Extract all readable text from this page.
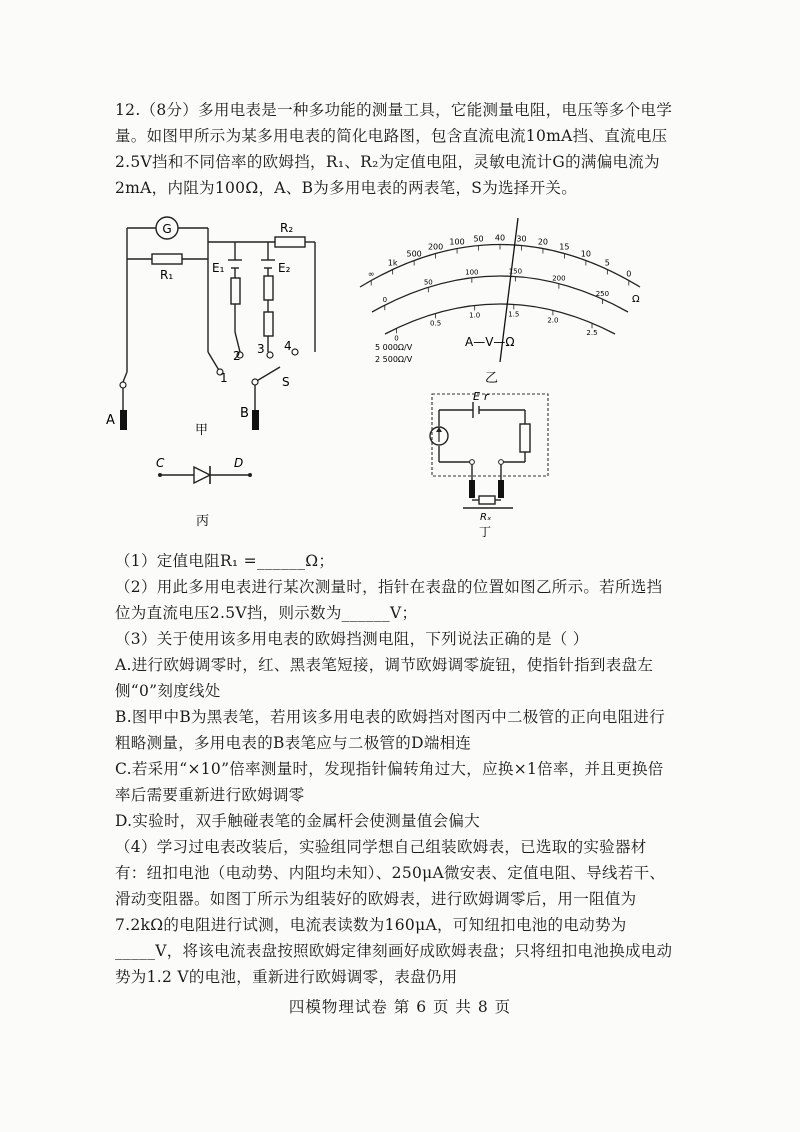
12.（8分）多用电表是一种多功能的测量工具，它能测量电阻，电压等多个电学量。如图甲所示为某多用电表的简化电路图，包含直流电流10mA挡、直流电压2.5V挡和不同倍率的欧姆挡，R₁、R₂为定值电阻，灵敏电流计G的满偏电流为2mA，内阻为100Ω，A、B为多用电表的两表笔，S为选择开关。

G
R₁
R₂
E₁	E₂
1
2 3 4
S
A	B
甲
C	D
丙
5 000Ω/V
2 500Ω/V
A—V—Ω
Ω
乙
∞
1k
500
200
100 50 40 30 20
15
10
5
0
0
50
100	150
200
250
0
0.5
1.0	1.5
2.0
2.5
E r
Rₓ
丁
（1）定值电阻R₁ =______Ω；

（2）用此多用电表进行某次测量时，指针在表盘的位置如图乙所示。若所选挡位为直流电压2.5V挡，则示数为______V；

（3）关于使用该多用电表的欧姆挡测电阻，下列说法正确的是（ ）

A.进行欧姆调零时，红、黑表笔短接，调节欧姆调零旋钮，使指针指到表盘左侧“0”刻度线处

B.图甲中B为黑表笔，若用该多用电表的欧姆挡对图丙中二极管的正向电阻进行粗略测量，多用电表的B表笔应与二极管的D端相连

C.若采用“×10”倍率测量时，发现指针偏转角过大，应换×1倍率，并且更换倍率后需要重新进行欧姆调零

D.实验时，双手触碰表笔的金属杆会使测量值会偏大

（4）学习过电表改装后，实验组同学想自己组装欧姆表，已选取的实验器材有：纽扣电池（电动势、内阻均未知）、250μA微安表、定值电阻、导线若干、滑动变阻器。如图丁所示为组装好的欧姆表，进行欧姆调零后，用一阻值为7.2kΩ的电阻进行试测，电流表读数为160μA，可知纽扣电池的电动势为_____V，将该电流表盘按照欧姆定律刻画好成欧姆表盘；只将纽扣电池换成电动势为1.2 V的电池，重新进行欧姆调零，表盘仍用

四模物理试卷 第 6 页 共 8 页
